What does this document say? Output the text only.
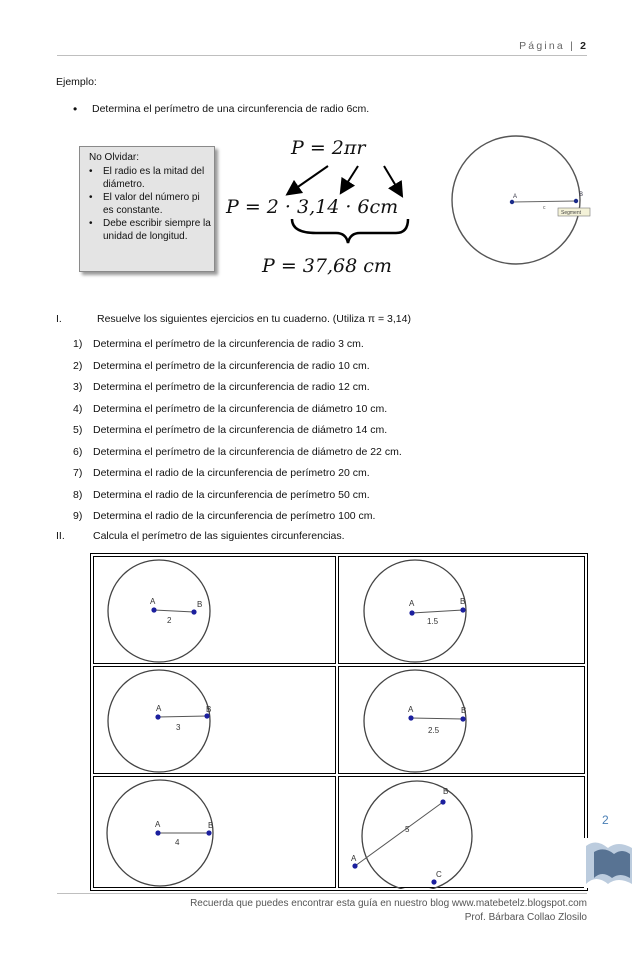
Página | 2
Ejemplo:
• Determina el perímetro de una circunferencia de radio 6cm.
No Olvidar:
• El radio es la mitad del diámetro.
• El valor del número pi es constante.
• Debe escribir siempre la unidad de longitud.
P = 2πr
P = 2 · 3,14 · 6cm
P = 37,68 cm
A	B
c
Segment
I.	Resuelve los siguientes ejercicios en tu cuaderno. (Utiliza π = 3,14)
1) Determina el perímetro de la circunferencia de radio 3 cm.
2) Determina el perímetro de la circunferencia de radio 10 cm.
3) Determina el perímetro de la circunferencia de radio 12 cm.
4) Determina el perímetro de la circunferencia de diámetro 10 cm.
5) Determina el perímetro de la circunferencia de diámetro 14 cm.
6) Determina el perímetro de la circunferencia de diámetro de 22 cm.
7) Determina el radio de la circunferencia de perímetro 20 cm.
8) Determina el radio de la circunferencia de perímetro 50 cm.
9) Determina el radio de la circunferencia de perímetro 100 cm.
II.	Calcula el perímetro de las siguientes circunferencias.
A	B
2
A	B
1.5
A	B
3
A	B
2.5
A	B
4
A
B
C
5
2
Recuerda que puedes encontrar esta guía en nuestro blog www.matebetelz.blogspot.com
Prof. Bárbara Collao Zlosilo
